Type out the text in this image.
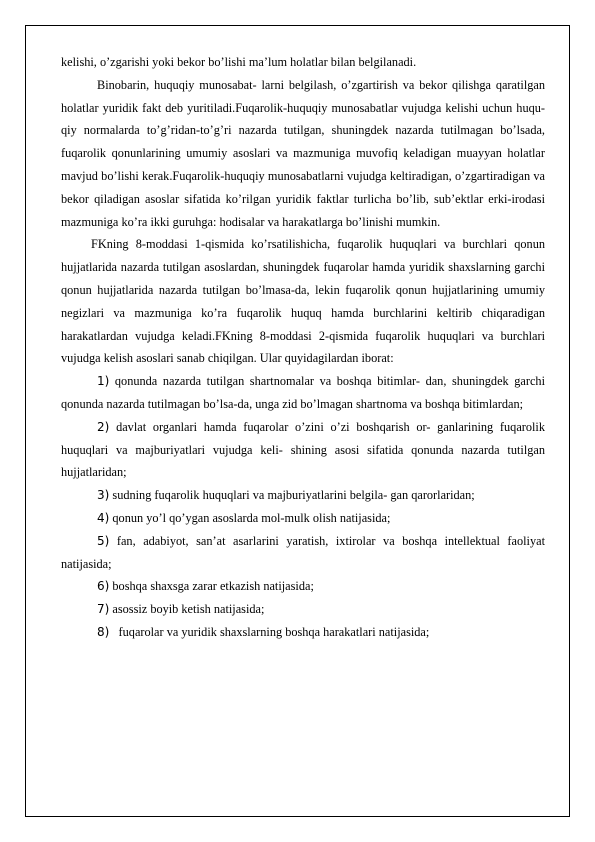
kelishi, o’zgarishi yoki bekor bo’lishi ma’lum holatlar bilan belgilanadi.

Binobarin, huquqiy munosabat- larni belgilash, o’zgartirish va bekor qilishga qaratilgan holatlar yuridik fakt deb yuritiladi.Fuqarolik-huquqiy munosabatlar vujudga kelishi uchun huqu- qiy normalarda to’g’ridan-to’g’ri nazarda tutilgan, shuningdek nazarda tutilmagan bo’lsada, fuqarolik qonunlarining umumiy asoslari va mazmuniga muvofiq keladigan muayyan holatlar mavjud bo’lishi kerak.Fuqarolik-huquqiy munosabatlarni vujudga keltiradigan, o’zgartiradigan va bekor qiladigan asoslar sifatida ko’rilgan yuridik faktlar turlicha bo’lib, sub’ektlar erki-irodasi mazmuniga ko’ra ikki guruhga: hodisalar va harakatlarga bo’linishi mumkin.

FKning 8-moddasi 1-qismida ko’rsatilishicha, fuqarolik huquqlari va burchlari qonun hujjatlarida nazarda tutilgan asoslardan, shuningdek fuqarolar hamda yuridik shaxslarning garchi qonun hujjatlarida nazarda tutilgan bo’lmasa-da, lekin fuqarolik qonun hujjatlarining umumiy negizlari va mazmuniga ko’ra fuqarolik huquq hamda burchlarini keltirib chiqaradigan harakatlardan vujudga keladi.FKning 8-moddasi 2-qismida fuqarolik huquqlari va burchlari vujudga kelish asoslari sanab chiqilgan. Ular quyidagilardan iborat:

1) qonunda nazarda tutilgan shartnomalar va boshqa bitimlar- dan, shuningdek garchi qonunda nazarda tutilmagan bo’lsa-da, unga zid bo’lmagan shartnoma va boshqa bitimlardan;

2) davlat organlari hamda fuqarolar o’zini o’zi boshqarish or- ganlarining fuqarolik huquqlari va majburiyatlari vujudga keli- shining asosi sifatida qonunda nazarda tutilgan hujjatlaridan;

3) sudning fuqarolik huquqlari va majburiyatlarini belgila- gan qarorlaridan;

4) qonun yo’l qo’ygan asoslarda mol-mulk olish natijasida;

5) fan, adabiyot, san’at asarlarini yaratish, ixtirolar va boshqa intellektual faoliyat natijasida;

6) boshqa shaxsga zarar etkazish natijasida;

7) asossiz boyib ketish natijasida;

8)   fuqarolar va yuridik shaxslarning boshqa harakatlari natijasida;
